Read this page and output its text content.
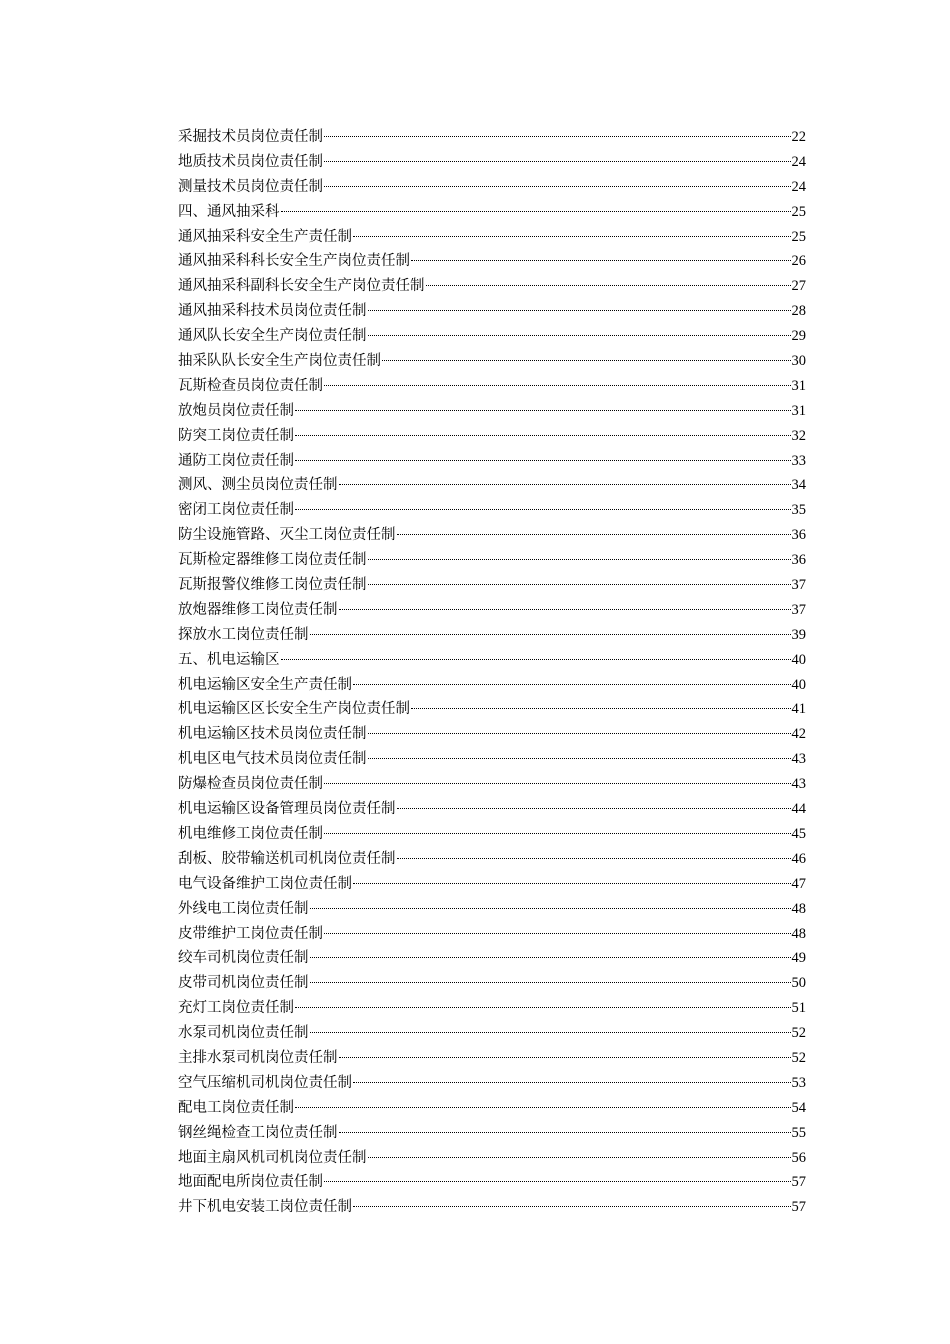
采掘技术员岗位责任制	22
地质技术员岗位责任制	24
测量技术员岗位责任制	24
四、通风抽采科	25
通风抽采科安全生产责任制	25
通风抽采科科长安全生产岗位责任制	26
通风抽采科副科长安全生产岗位责任制	27
通风抽采科技术员岗位责任制	28
通风队长安全生产岗位责任制	29
抽采队队长安全生产岗位责任制	30
瓦斯检查员岗位责任制	31
放炮员岗位责任制	31
防突工岗位责任制	32
通防工岗位责任制	33
测风、测尘员岗位责任制	34
密闭工岗位责任制	35
防尘设施管路、灭尘工岗位责任制	36
瓦斯检定器维修工岗位责任制	36
瓦斯报警仪维修工岗位责任制	37
放炮器维修工岗位责任制	37
探放水工岗位责任制	39
五、机电运输区	40
机电运输区安全生产责任制	40
机电运输区区长安全生产岗位责任制	41
机电运输区技术员岗位责任制	42
机电区电气技术员岗位责任制	43
防爆检查员岗位责任制	43
机电运输区设备管理员岗位责任制	44
机电维修工岗位责任制	45
刮板、胶带输送机司机岗位责任制	46
电气设备维护工岗位责任制	47
外线电工岗位责任制	48
皮带维护工岗位责任制	48
绞车司机岗位责任制	49
皮带司机岗位责任制	50
充灯工岗位责任制	51
水泵司机岗位责任制	52
主排水泵司机岗位责任制	52
空气压缩机司机岗位责任制	53
配电工岗位责任制	54
钢丝绳检查工岗位责任制	55
地面主扇风机司机岗位责任制	56
地面配电所岗位责任制	57
井下机电安装工岗位责任制	57
